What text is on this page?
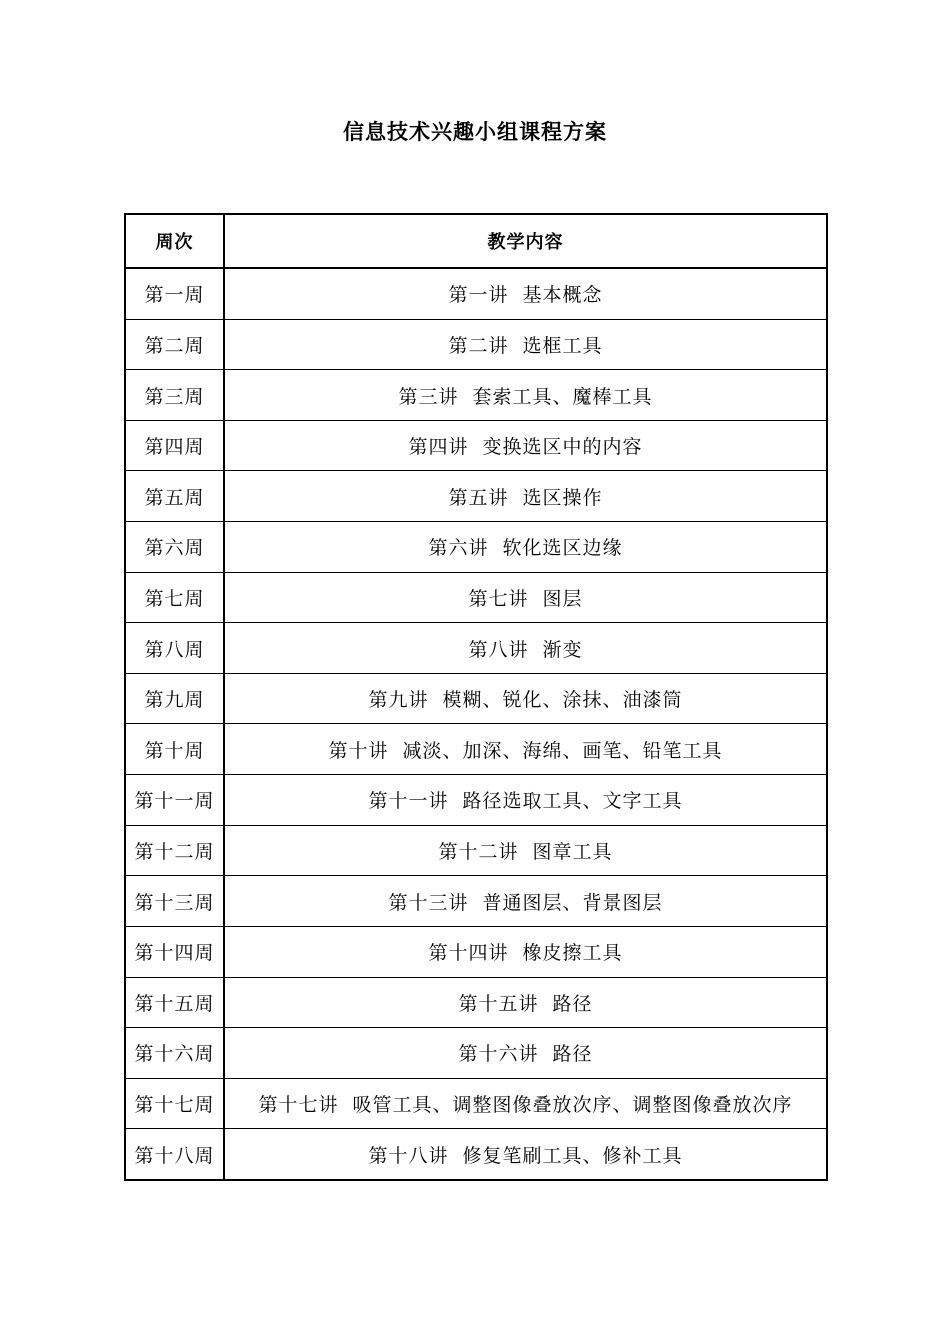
信息技术兴趣小组课程方案
周次	教学内容
第一周	第一讲 基本概念
第二周	第二讲 选框工具
第三周	第三讲 套索工具、魔棒工具
第四周	第四讲 变换选区中的内容
第五周	第五讲 选区操作
第六周	第六讲 软化选区边缘
第七周	第七讲 图层
第八周	第八讲 渐变
第九周	第九讲 模糊、锐化、涂抹、油漆筒
第十周	第十讲 减淡、加深、海绵、画笔、铅笔工具
第十一周	第十一讲 路径选取工具、文字工具
第十二周	第十二讲 图章工具
第十三周	第十三讲 普通图层、背景图层
第十四周	第十四讲 橡皮擦工具
第十五周	第十五讲 路径
第十六周	第十六讲 路径
第十七周	第十七讲 吸管工具、调整图像叠放次序、调整图像叠放次序
第十八周	第十八讲 修复笔刷工具、修补工具
